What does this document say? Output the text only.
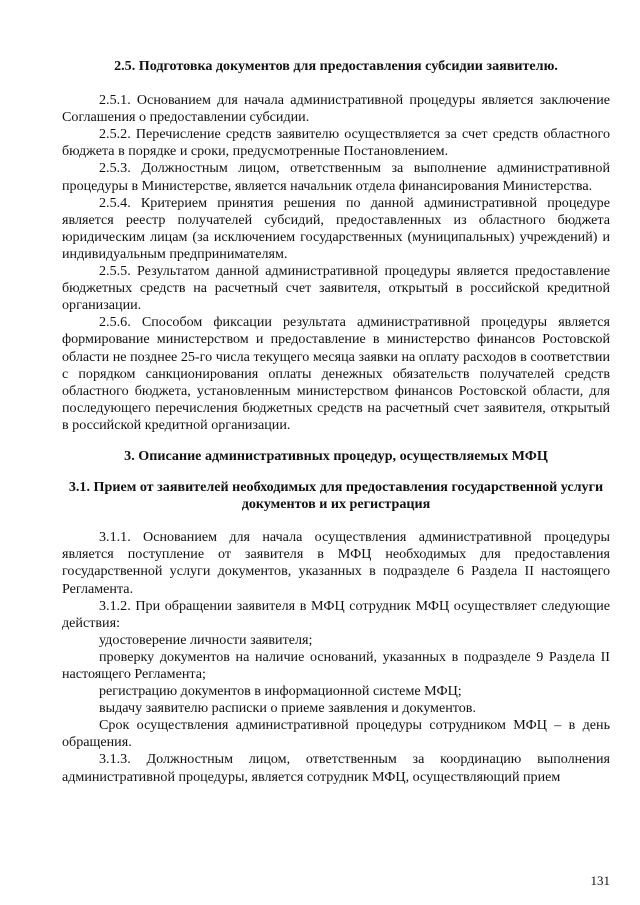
2.5. Подготовка документов для предоставления субсидии заявителю.

2.5.1. Основанием для начала административной процедуры является заключение Соглашения о предоставлении субсидии.

2.5.2. Перечисление средств заявителю осуществляется за счет средств областного бюджета в порядке и сроки, предусмотренные Постановлением.

2.5.3. Должностным лицом, ответственным за выполнение административной процедуры в Министерстве, является начальник отдела финансирования Министерства.

2.5.4. Критерием принятия решения по данной административной процедуре является реестр получателей субсидий, предоставленных из областного бюджета юридическим лицам (за исключением государственных (муниципальных) учреждений) и индивидуальным предпринимателям.

2.5.5. Результатом данной административной процедуры является предоставление бюджетных средств на расчетный счет заявителя, открытый в российской кредитной организации.

2.5.6. Способом фиксации результата административной процедуры является формирование министерством и предоставление в министерство финансов Ростовской области не позднее 25-го числа текущего месяца заявки на оплату расходов в соответствии с порядком санкционирования оплаты денежных обязательств получателей средств областного бюджета, установленным министерством финансов Ростовской области, для последующего перечисления бюджетных средств на расчетный счет заявителя, открытый в российской кредитной организации.

3. Описание административных процедур, осуществляемых МФЦ
3.1. Прием от заявителей необходимых для предоставления государственной услуги документов и их регистрация

3.1.1. Основанием для начала осуществления административной процедуры является поступление от заявителя в МФЦ необходимых для предоставления государственной услуги документов, указанных в подразделе 6 Раздела II настоящего Регламента.

3.1.2. При обращении заявителя в МФЦ сотрудник МФЦ осуществляет следующие действия:

удостоверение личности заявителя;

проверку документов на наличие оснований, указанных в подразделе 9 Раздела II настоящего Регламента;

регистрацию документов в информационной системе МФЦ;

выдачу заявителю расписки о приеме заявления и документов.

Срок осуществления административной процедуры сотрудником МФЦ – в день обращения.

3.1.3. Должностным лицом, ответственным за координацию выполнения административной процедуры, является сотрудник МФЦ, осуществляющий прием

131
